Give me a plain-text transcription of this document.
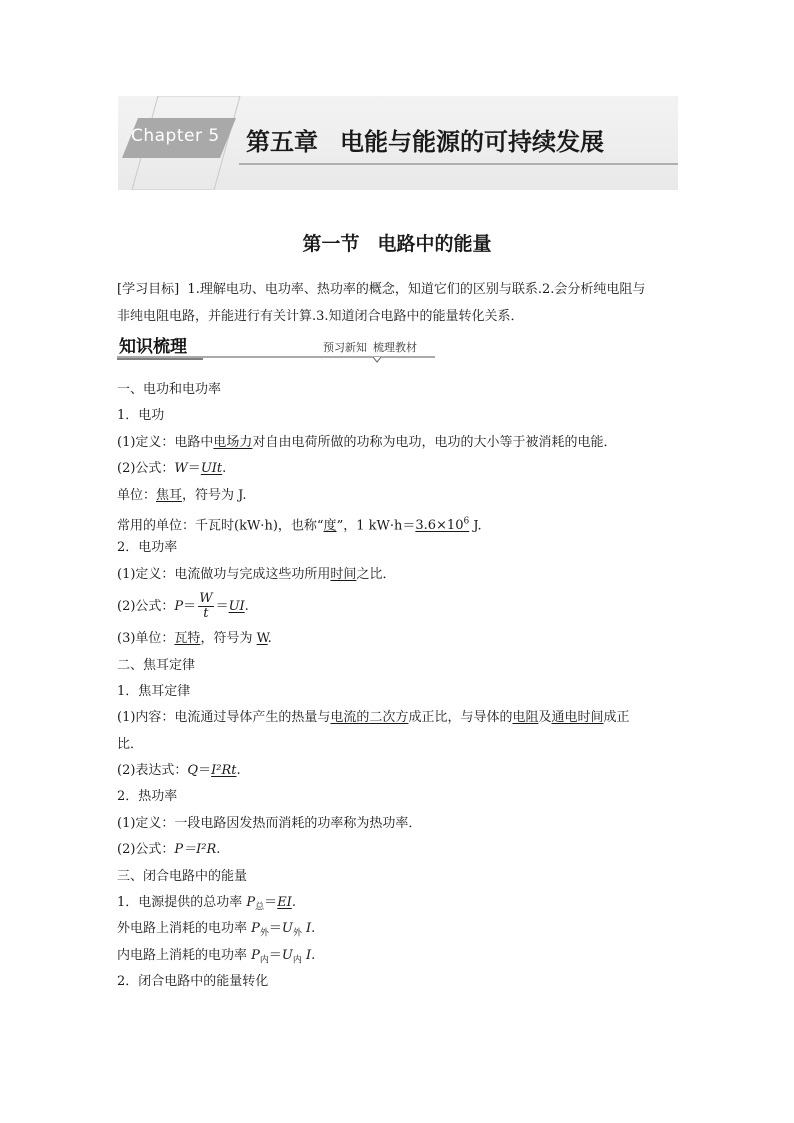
Chapter 5 第五章 电能与能源的可持续发展
第一节 电路中的能量
[学习目标] 1.理解电功、电功率、热功率的概念，知道它们的区别与联系.2.会分析纯电阻与
非纯电阻电路，并能进行有关计算.3.知道闭合电路中的能量转化关系．
知识梳理	预习新知 梳理教材
一、电功和电功率
1．电功
(1)定义：电路中电场力对自由电荷所做的功称为电功，电功的大小等于被消耗的电能．
(2)公式：W＝UIt.
单位：焦耳，符号为 J.
常用的单位：千瓦时(kW·h)，也称“度”，1 $kW\cdot h=3.6\times 10^6$ J.
2．电功率
(1)定义：电流做功与完成这些功所用时间之比．
(2)公式：$P= \frac{W}{t} =UI$.
(3)单位：瓦特，符号为 W.
二、焦耳定律
1．焦耳定律
(1)内容：电流通过导体产生的热量与电流的二次方成正比，与导体的电阻及通电时间成正
比．
(2)表达式：Q＝I²Rt.
2．热功率
(1)定义：一段电路因发热而消耗的功率称为热功率．
(2)公式：P＝I²R.
三、闭合电路中的能量
1．电源提供的总功率 $P_总=EI$.
外电路上消耗的电功率 $P_外=U_外$ I.
内电路上消耗的电功率 $P_内=U_内$ I.
2．闭合电路中的能量转化
